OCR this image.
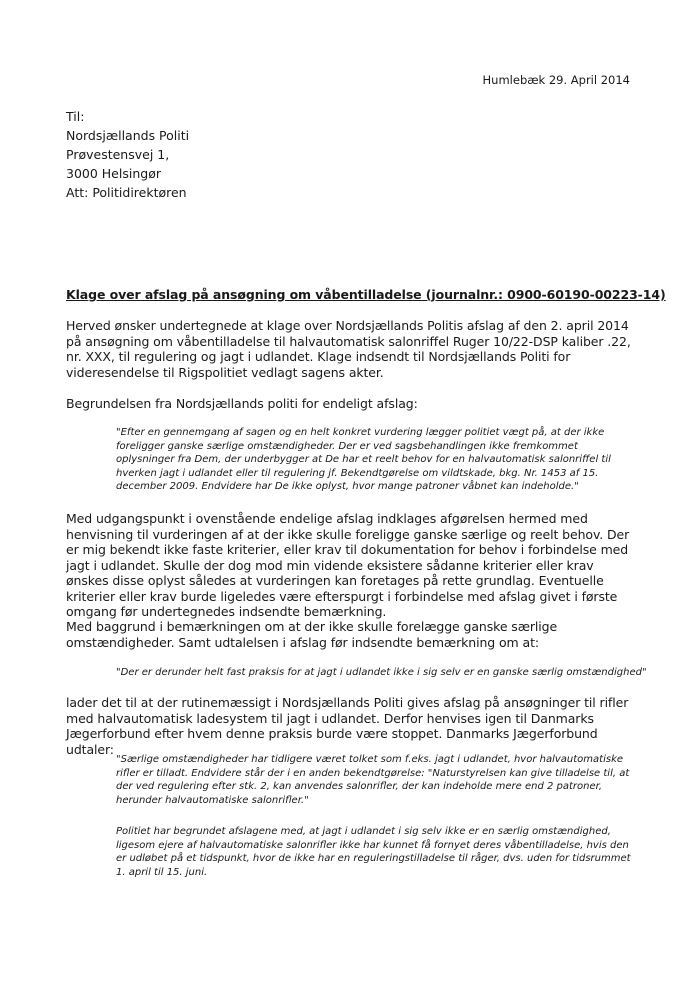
Humlebæk 29. April 2014
Til:
Nordsjællands Politi
Prøvestensvej 1,
3000 Helsingør
Att: Politidirektøren
Klage over afslag på ansøgning om våbentilladelse (journalnr.: 0900-60190-00223-14)
Herved ønsker undertegnede at klage over Nordsjællands Politis afslag af den 2. april 2014 på ansøgning om våbentilladelse til halvautomatisk salonriffel Ruger 10/22-DSP kaliber .22, nr. XXX, til regulering og jagt i udlandet. Klage indsendt til Nordsjællands Politi for videresendelse til Rigspolitiet vedlagt sagens akter.
Begrundelsen fra Nordsjællands politi for endeligt afslag:
"Efter en gennemgang af sagen og en helt konkret vurdering lægger politiet vægt på, at der ikke foreligger ganske særlige omstændigheder. Der er ved sagsbehandlingen ikke fremkommet oplysninger fra Dem, der underbygger at De har et reelt behov for en halvautomatisk salonriffel til hverken jagt i udlandet eller til regulering jf. Bekendtgørelse om vildtskade, bkg. Nr. 1453 af 15. december 2009. Endvidere har De ikke oplyst, hvor mange patroner våbnet kan indeholde."
Med udgangspunkt i ovenstående endelige afslag indklages afgørelsen hermed med henvisning til vurderingen af at der ikke skulle foreligge ganske særlige og reelt behov. Der er mig bekendt ikke faste kriterier, eller krav til dokumentation for behov i forbindelse med jagt i udlandet. Skulle der dog mod min vidende eksistere sådanne kriterier eller krav ønskes disse oplyst således at vurderingen kan foretages på rette grundlag. Eventuelle kriterier eller krav burde ligeledes være efterspurgt i forbindelse med afslag givet i første omgang før undertegnedes indsendte bemærkning.
Med baggrund i bemærkningen om at der ikke skulle forelægge ganske særlige omstændigheder. Samt udtalelsen i afslag før indsendte bemærkning om at:
"Der er derunder helt fast praksis for at jagt i udlandet ikke i sig selv er en ganske særlig omstændighed"
lader det til at der rutinemæssigt i Nordsjællands Politi gives afslag på ansøgninger til rifler med halvautomatisk ladesystem til jagt i udlandet. Derfor henvises igen til Danmarks Jægerforbund efter hvem denne praksis burde være stoppet. Danmarks Jægerforbund udtaler:
"Særlige omstændigheder har tidligere været tolket som f.eks. jagt i udlandet, hvor halvautomatiske rifler er tilladt. Endvidere står der i en anden bekendtgørelse: "Naturstyrelsen kan give tilladelse til, at der ved regulering efter stk. 2, kan anvendes salonrifler, der kan indeholde mere end 2 patroner, herunder halvautomatiske salonrifler."
Politiet har begrundet afslagene med, at jagt i udlandet i sig selv ikke er en særlig omstændighed, ligesom ejere af halvautomatiske salonrifler ikke har kunnet få fornyet deres våbentilladelse, hvis den er udløbet på et tidspunkt, hvor de ikke har en reguleringstilladelse til råger, dvs. uden for tidsrummet 1. april til 15. juni.
